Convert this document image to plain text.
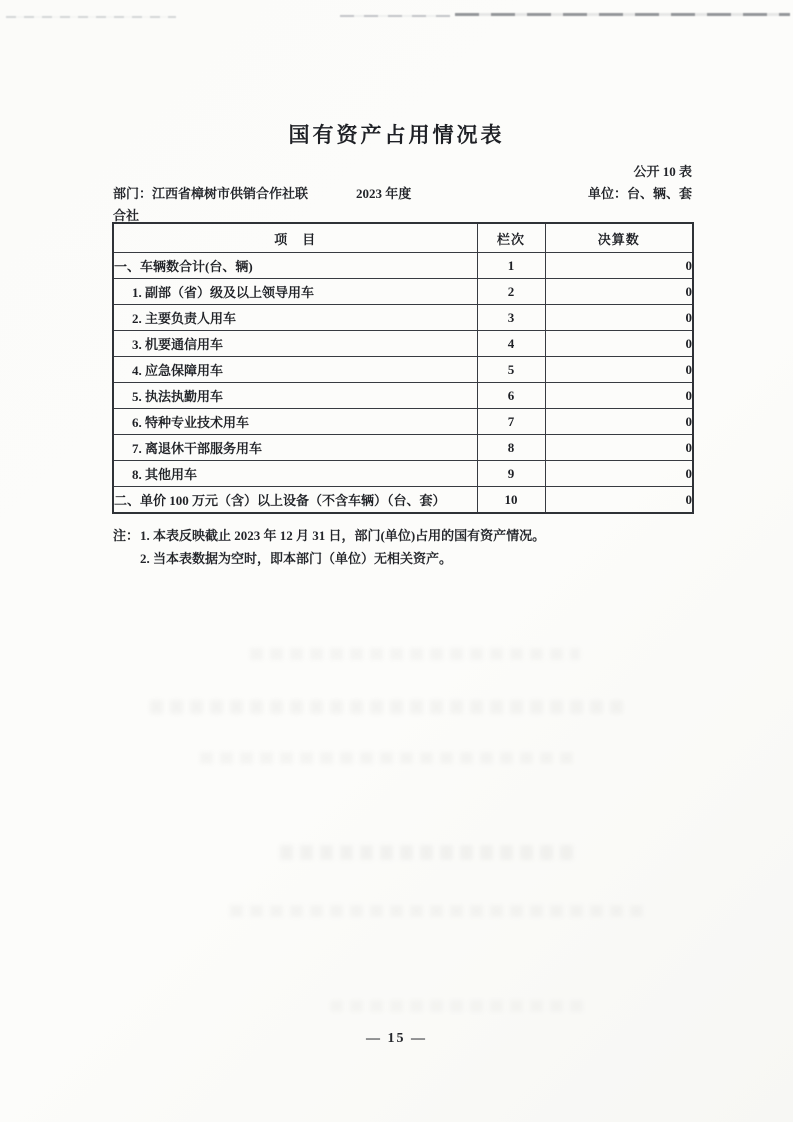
国有资产占用情况表
公开 10 表
部门：江西省樟树市供销合作社联	2023 年度	单位：台、辆、套
合社
项　目	栏次	决算数
一、车辆数合计(台、辆)	1	0
1. 副部（省）级及以上领导用车	2	0
2. 主要负责人用车	3	0
3. 机要通信用车	4	0
4. 应急保障用车	5	0
5. 执法执勤用车	6	0
6. 特种专业技术用车	7	0
7. 离退休干部服务用车	8	0
8. 其他用车	9	0
二、单价 100 万元（含）以上设备（不含车辆）（台、套）	10	0
注： 1. 本表反映截止 2023 年 12 月 31 日，部门(单位)占用的国有资产情况。
2. 当本表数据为空时，即本部门（单位）无相关资产。
— 15 —
